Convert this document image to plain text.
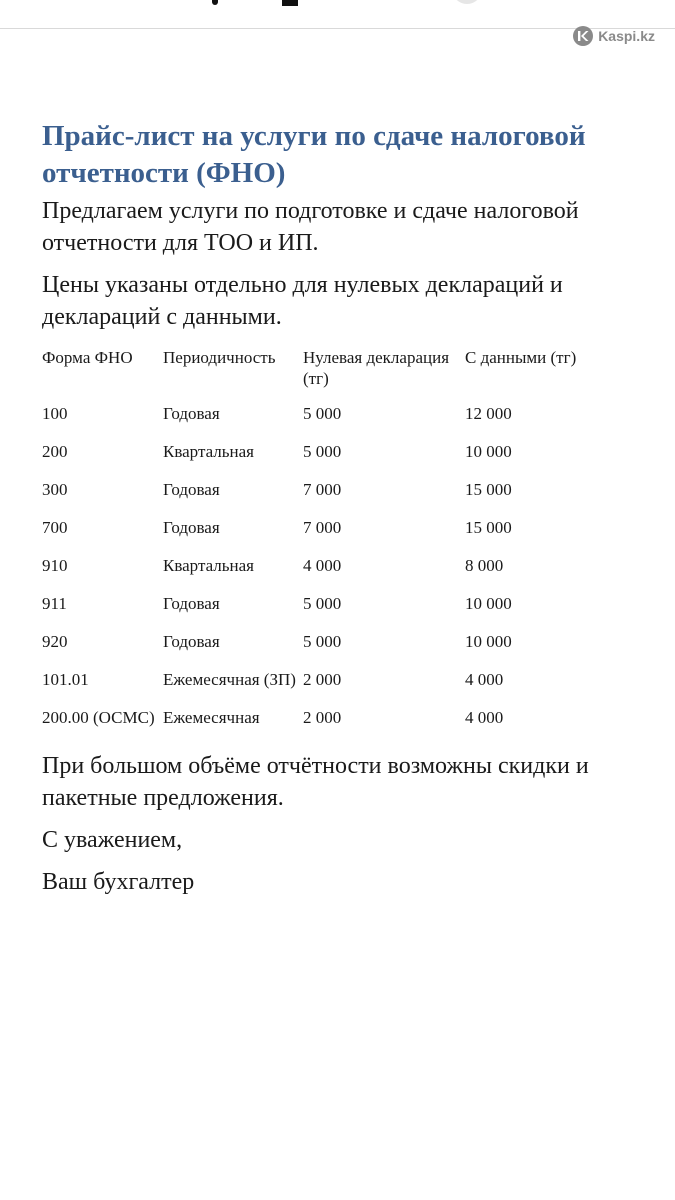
Kaspi.kz
Прайс-лист на услуги по сдаче налоговой отчетности (ФНО)

Предлагаем услуги по подготовке и сдаче налоговой отчетности для ТОО и ИП.

Цены указаны отдельно для нулевых деклараций и деклараций с данными.

Форма ФНО	Периодичность	Нулевая декларация (тг)	С данными (тг)
100	Годовая	5 000	12 000
200	Квартальная	5 000	10 000
300	Годовая	7 000	15 000
700	Годовая	7 000	15 000
910	Квартальная	4 000	8 000
911	Годовая	5 000	10 000
920	Годовая	5 000	10 000
101.01	Ежемесячная (ЗП)	2 000	4 000
200.00 (ОСМС)	Ежемесячная	2 000	4 000

При большом объёме отчётности возможны скидки и пакетные предложения.

С уважением,

Ваш бухгалтер
